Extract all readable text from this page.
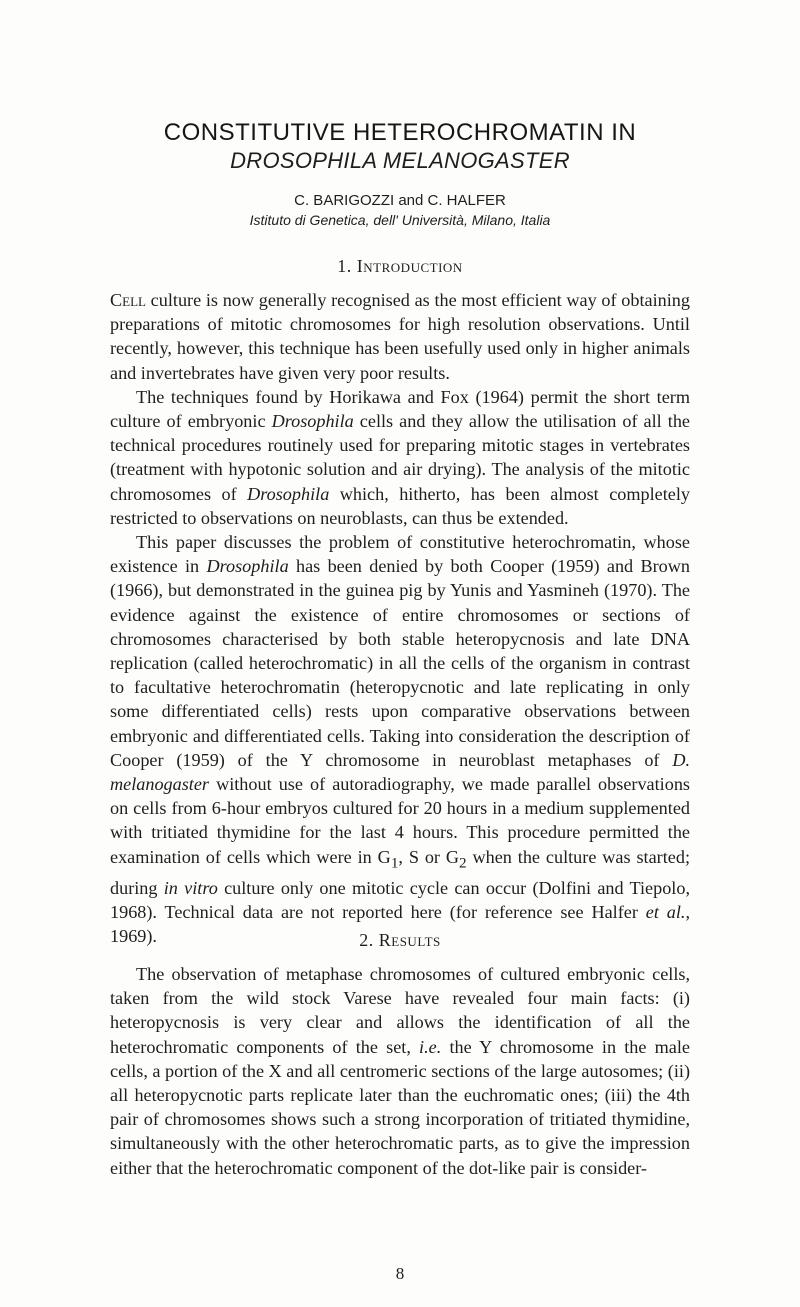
CONSTITUTIVE HETEROCHROMATIN IN
DROSOPHILA MELANOGASTER
C. BARIGOZZI and C. HALFER
Istituto di Genetica, dell' Università, Milano, Italia
1. Introduction

Cell culture is now generally recognised as the most efficient way of obtaining preparations of mitotic chromosomes for high resolution observations. Until recently, however, this technique has been usefully used only in higher animals and invertebrates have given very poor results.

The techniques found by Horikawa and Fox (1964) permit the short term culture of embryonic Drosophila cells and they allow the utilisation of all the technical procedures routinely used for preparing mitotic stages in vertebrates (treatment with hypotonic solution and air drying). The analysis of the mitotic chromosomes of Drosophila which, hitherto, has been almost completely restricted to observations on neuroblasts, can thus be extended.

This paper discusses the problem of constitutive heterochromatin, whose existence in Drosophila has been denied by both Cooper (1959) and Brown (1966), but demonstrated in the guinea pig by Yunis and Yasmineh (1970). The evidence against the existence of entire chromosomes or sections of chromosomes characterised by both stable heteropycnosis and late DNA replication (called heterochromatic) in all the cells of the organism in contrast to facultative heterochromatin (heteropycnotic and late replicating in only some differentiated cells) rests upon comparative observations between embryonic and differentiated cells. Taking into consideration the description of Cooper (1959) of the Y chromosome in neuroblast metaphases of D. melanogaster without use of autoradiography, we made parallel observations on cells from 6-hour embryos cultured for 20 hours in a medium supplemented with tritiated thymidine for the last 4 hours. This procedure permitted the examination of cells which were in $G_1$, S or $G_2$ when the culture was started; during in vitro culture only one mitotic cycle can occur (Dolfini and Tiepolo, 1968). Technical data are not reported here (for reference see Halfer et al., 1969).	2. Results

The observation of metaphase chromosomes of cultured embryonic cells, taken from the wild stock Varese have revealed four main facts: (i) heteropycnosis is very clear and allows the identification of all the heterochromatic components of the set, i.e. the Y chromosome in the male cells, a portion of the X and all centromeric sections of the large autosomes; (ii) all heteropycnotic parts replicate later than the euchromatic ones; (iii) the 4th pair of chromosomes shows such a strong incorporation of tritiated thymidine, simultaneously with the other heterochromatic parts, as to give the impression either that the heterochromatic component of the dot-like pair is consider-

8
